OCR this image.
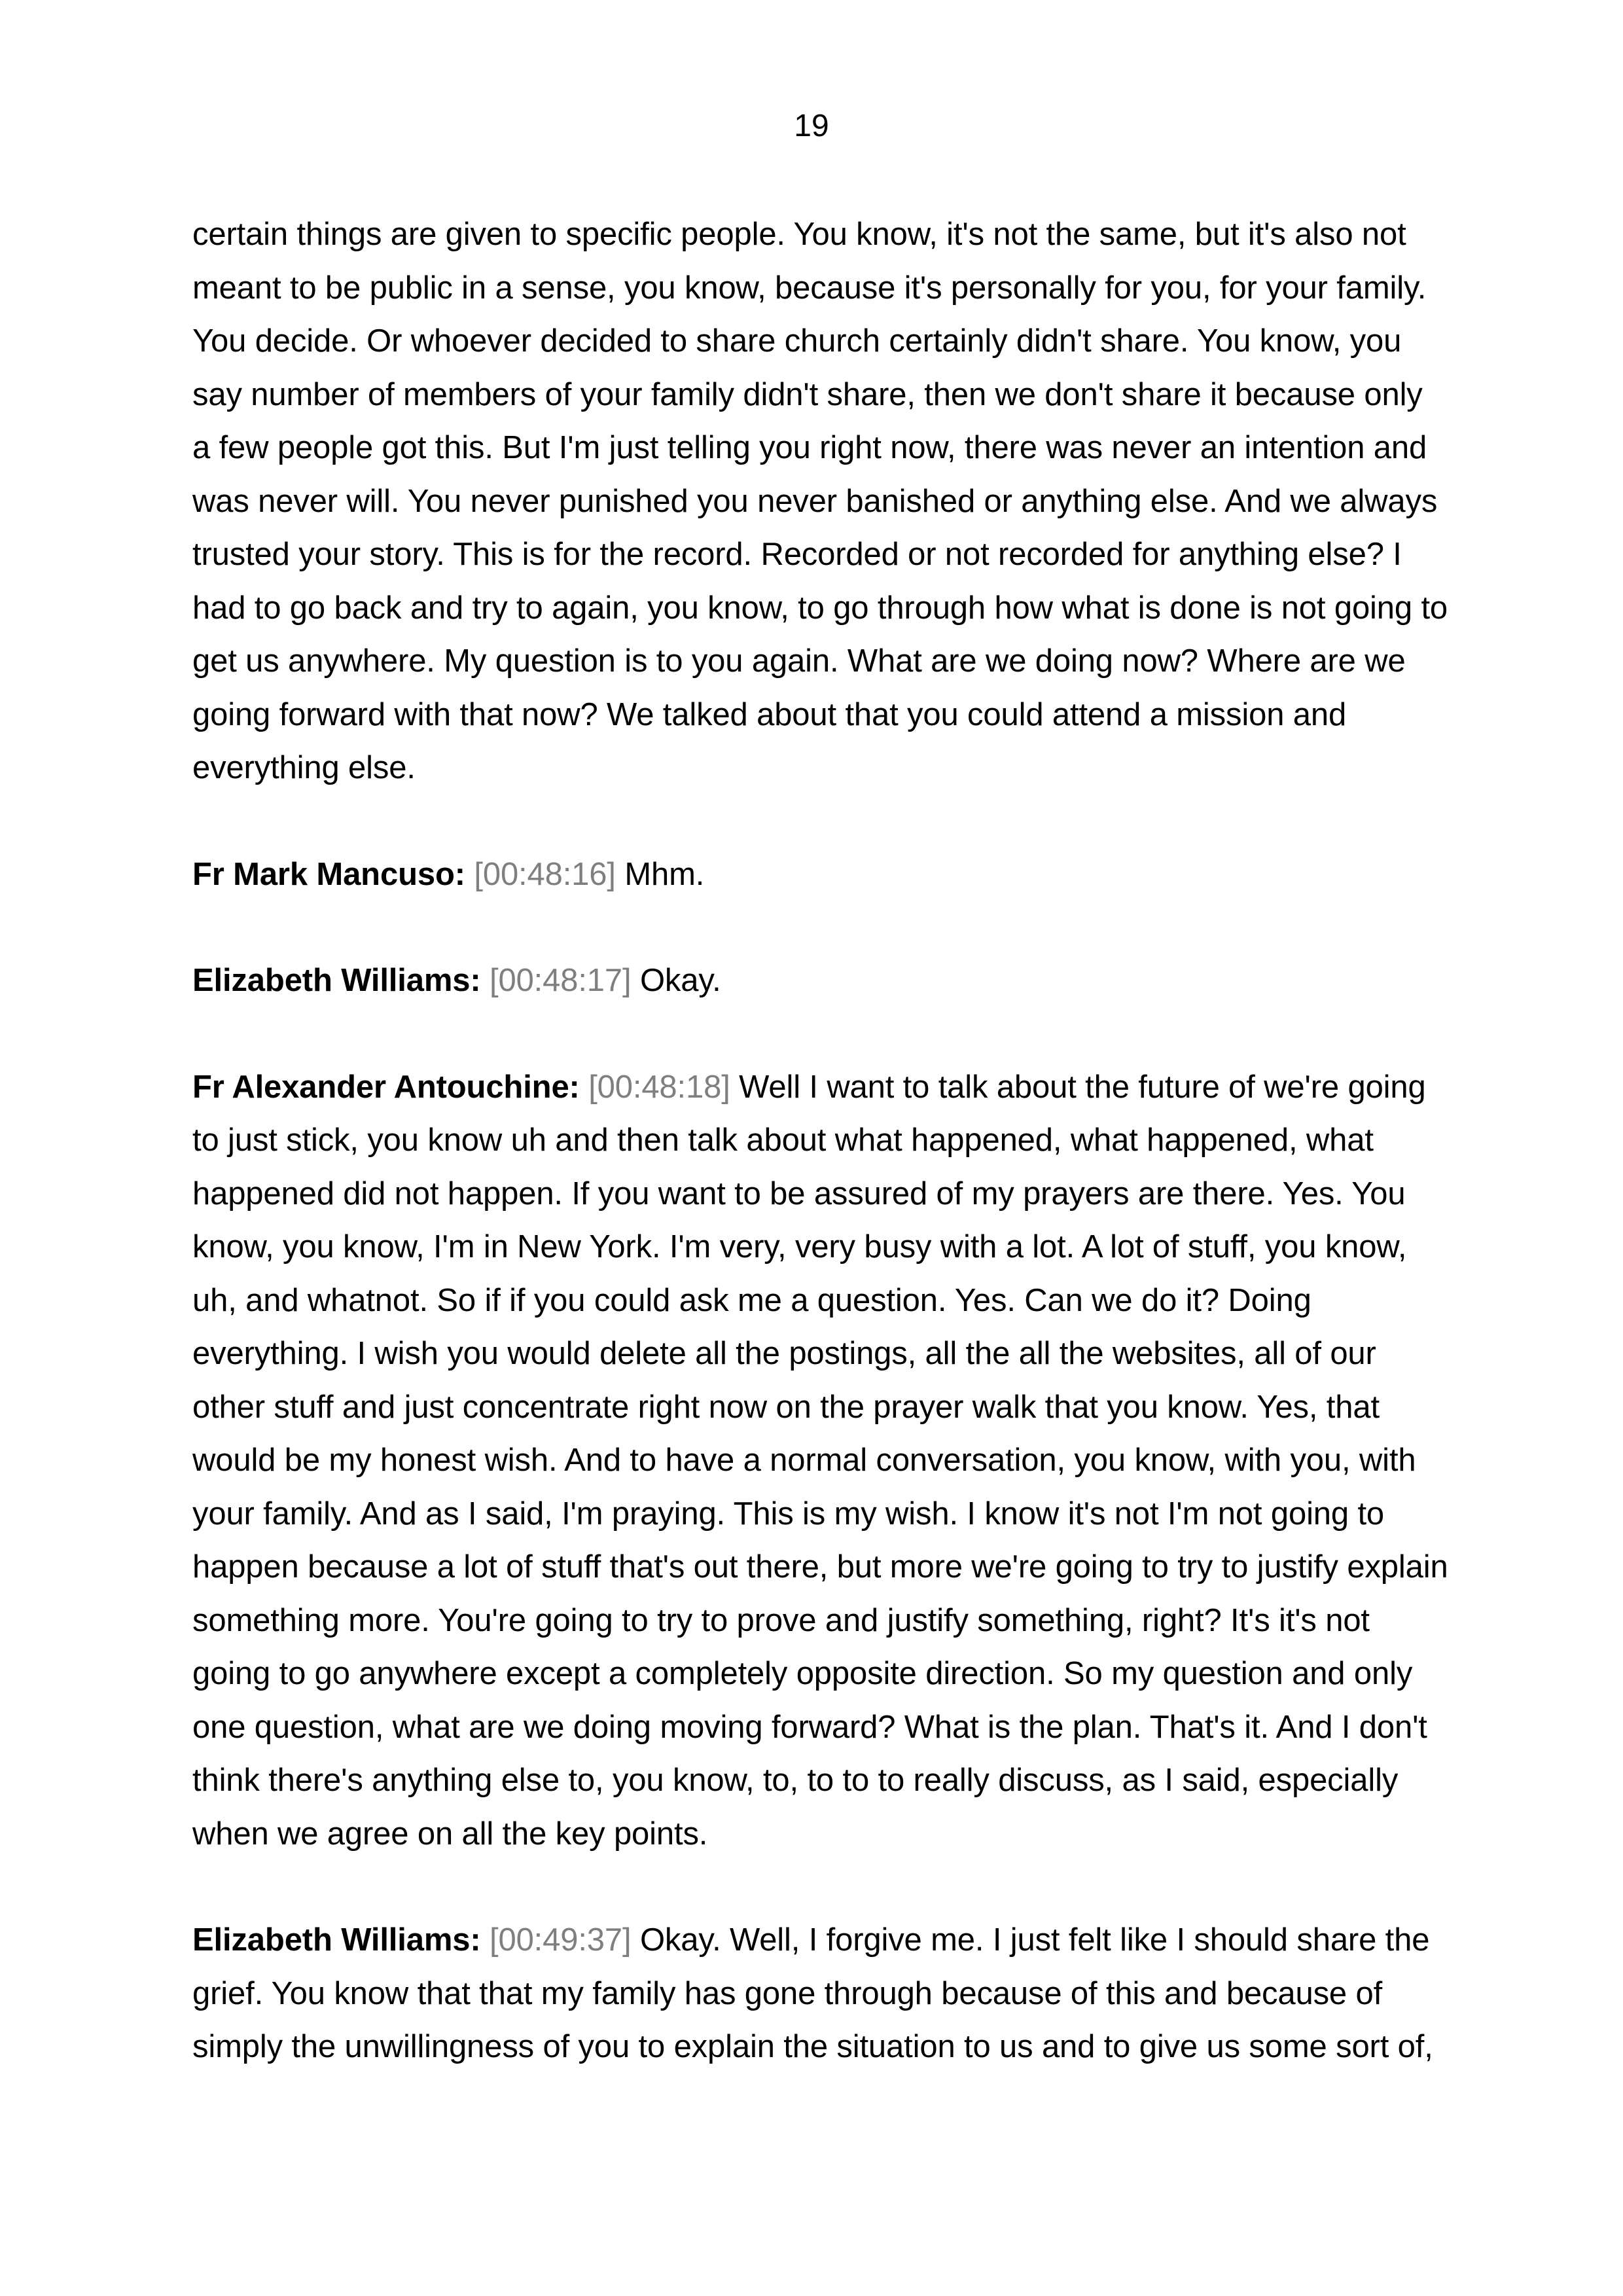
19

certain things are given to specific people. You know, it's not the same, but it's also not meant to be public in a sense, you know, because it's personally for you, for your family. You decide. Or whoever decided to share church certainly didn't share. You know, you say number of members of your family didn't share, then we don't share it because only a few people got this. But I'm just telling you right now, there was never an intention and was never will. You never punished you never banished or anything else. And we always trusted your story. This is for the record. Recorded or not recorded for anything else? I had to go back and try to again, you know, to go through how what is done is not going to get us anywhere. My question is to you again. What are we doing now? Where are we going forward with that now? We talked about that you could attend a mission and everything else.

Fr Mark Mancuso: [00:48:16] Mhm.

Elizabeth Williams: [00:48:17] Okay.

Fr Alexander Antouchine: [00:48:18] Well I want to talk about the future of we're going to just stick, you know uh and then talk about what happened, what happened, what happened did not happen. If you want to be assured of my prayers are there. Yes. You know, you know, I'm in New York. I'm very, very busy with a lot. A lot of stuff, you know, uh, and whatnot. So if if you could ask me a question. Yes. Can we do it? Doing everything. I wish you would delete all the postings, all the all the websites, all of our other stuff and just concentrate right now on the prayer walk that you know. Yes, that would be my honest wish. And to have a normal conversation, you know, with you, with your family. And as I said, I'm praying. This is my wish. I know it's not I'm not going to happen because a lot of stuff that's out there, but more we're going to try to justify explain something more. You're going to try to prove and justify something, right? It's it's not going to go anywhere except a completely opposite direction. So my question and only one question, what are we doing moving forward? What is the plan. That's it. And I don't think there's anything else to, you know, to, to to to really discuss, as I said, especially when we agree on all the key points.

Elizabeth Williams: [00:49:37] Okay. Well, I forgive me. I just felt like I should share the grief. You know that that my family has gone through because of this and because of simply the unwillingness of you to explain the situation to us and to give us some sort of,
